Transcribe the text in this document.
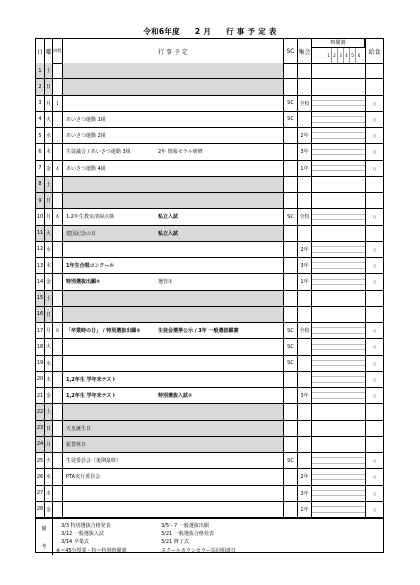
令和6年度 2 月 行 事 予 定 表
日 曜 時程	行 事 予 定	SC 集会
時間割
1 2 3 4 5 6	給食
1 土
2 日
3 月	1	SC	全校	○
4 火	あいさつ運動 1組	SC	○
5 水	あいさつ運動 2組	2年	○
6 木	生徒議会 / あいさつ運動 3組	2年 情報モラル研修	3年	○
7 金	4	あいさつ運動 4組	1年	○
8 土
9 日
10 月	6	1.2年生教室清掃点検	私立入試	SC	全校	○
11 火	建国記念の日	私立入試
12 水	2年	○
13 木	1年生合唱コンクール	3年	○
14 金	特別選抜出願①	選管①	1年	○
15 土
16 日
17 月	6	「卒業時の日」 / 特別選抜出願②	生徒会選挙公示 / 3年 一般選抜願書	SC	全校	○
18 火	SC	○
19 水	SC	○
20 木	1,2年生 学年末テスト	○
21 金	1,2年生 学年末テスト	特別選抜入試①	3年	○
22 土
23 日	天皇誕生日
24 月	振替休日
25 火	生徒委員会（後期最終）	SC	○
26 水	PTA実行委員会	2年	○
27 木	3年	○
28 金	1年	○
備
考
3/3 特別選抜合格発表	3/5〜7 一般選抜出願
3/12 一般選抜入試	3/21 一般選抜合格発表
3/14 卒業式	3/21 修了式
※＝45分授業・特＝特別時間割	スクールカウンセラー巡回相談日
